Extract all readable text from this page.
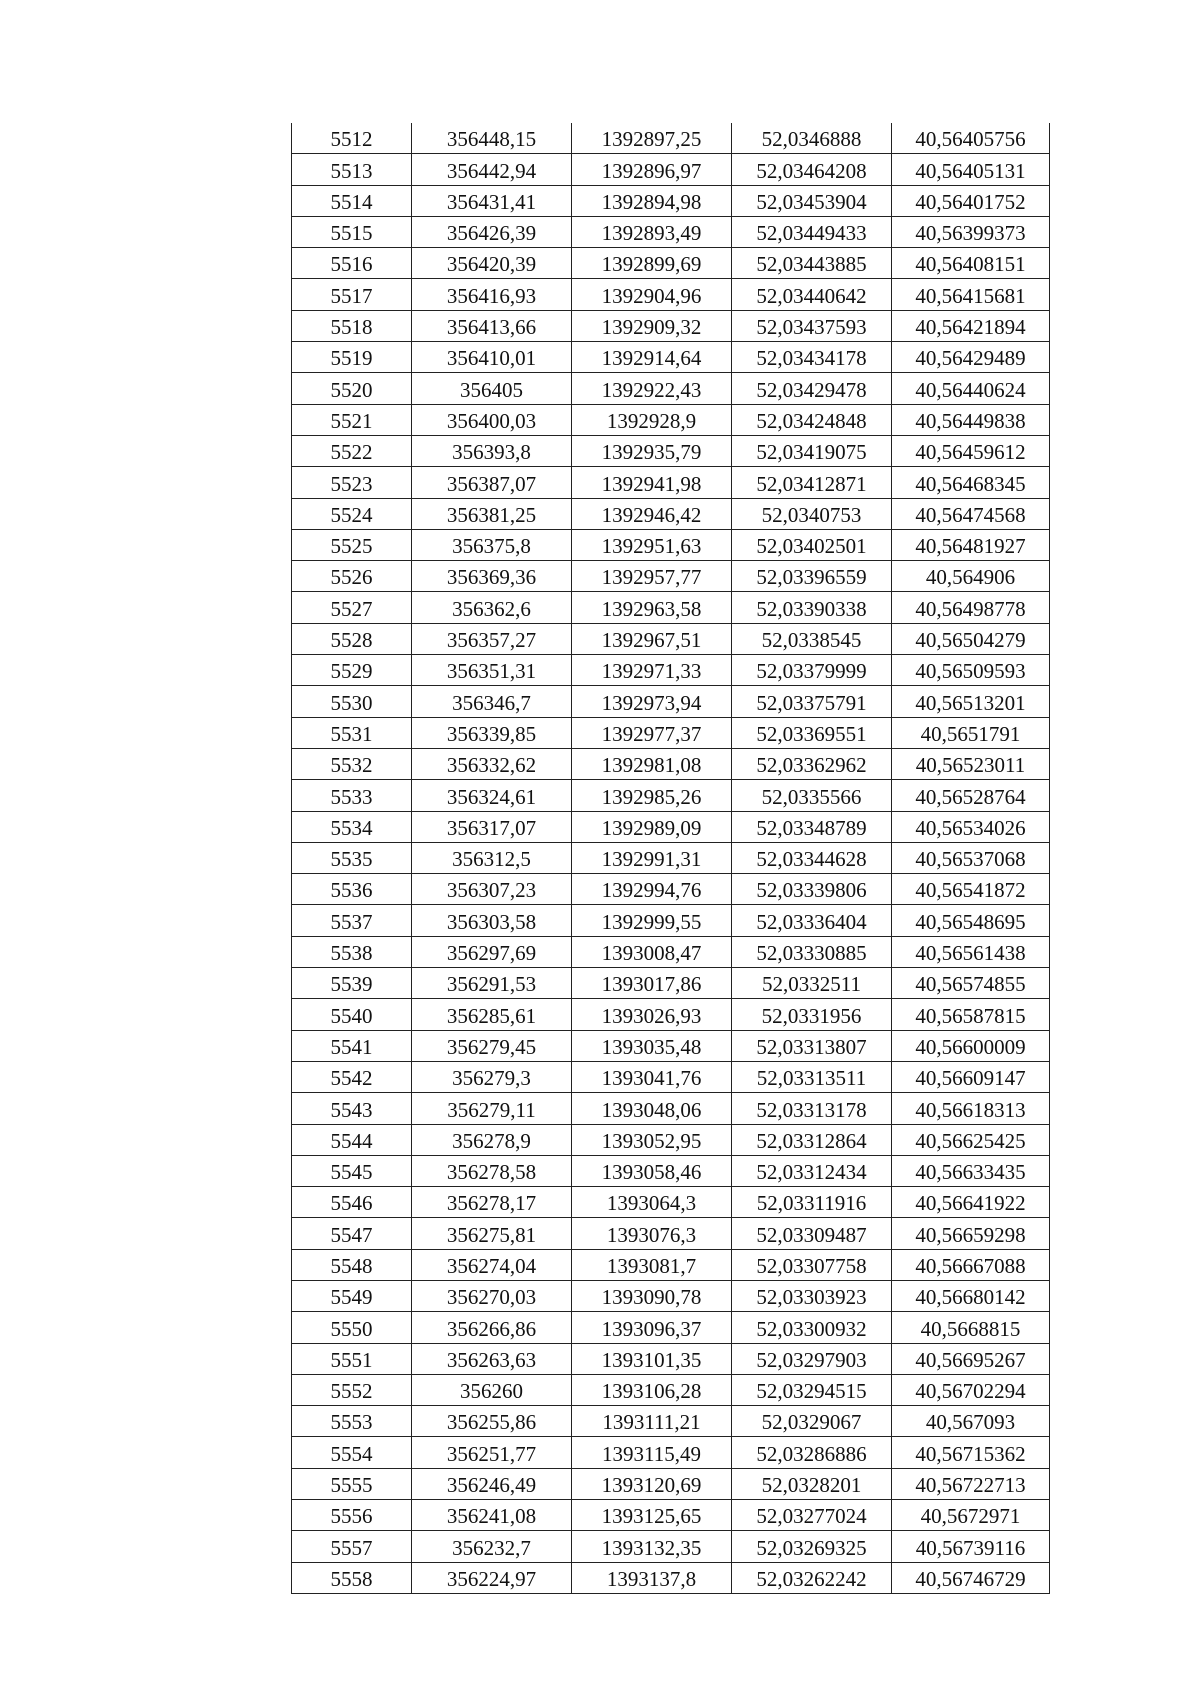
5512	356448,15	1392897,25	52,0346888	40,56405756
5513	356442,94	1392896,97	52,03464208	40,56405131
5514	356431,41	1392894,98	52,03453904	40,56401752
5515	356426,39	1392893,49	52,03449433	40,56399373
5516	356420,39	1392899,69	52,03443885	40,56408151
5517	356416,93	1392904,96	52,03440642	40,56415681
5518	356413,66	1392909,32	52,03437593	40,56421894
5519	356410,01	1392914,64	52,03434178	40,56429489
5520	356405	1392922,43	52,03429478	40,56440624
5521	356400,03	1392928,9	52,03424848	40,56449838
5522	356393,8	1392935,79	52,03419075	40,56459612
5523	356387,07	1392941,98	52,03412871	40,56468345
5524	356381,25	1392946,42	52,0340753	40,56474568
5525	356375,8	1392951,63	52,03402501	40,56481927
5526	356369,36	1392957,77	52,03396559	40,564906
5527	356362,6	1392963,58	52,03390338	40,56498778
5528	356357,27	1392967,51	52,0338545	40,56504279
5529	356351,31	1392971,33	52,03379999	40,56509593
5530	356346,7	1392973,94	52,03375791	40,56513201
5531	356339,85	1392977,37	52,03369551	40,5651791
5532	356332,62	1392981,08	52,03362962	40,56523011
5533	356324,61	1392985,26	52,0335566	40,56528764
5534	356317,07	1392989,09	52,03348789	40,56534026
5535	356312,5	1392991,31	52,03344628	40,56537068
5536	356307,23	1392994,76	52,03339806	40,56541872
5537	356303,58	1392999,55	52,03336404	40,56548695
5538	356297,69	1393008,47	52,03330885	40,56561438
5539	356291,53	1393017,86	52,0332511	40,56574855
5540	356285,61	1393026,93	52,0331956	40,56587815
5541	356279,45	1393035,48	52,03313807	40,56600009
5542	356279,3	1393041,76	52,03313511	40,56609147
5543	356279,11	1393048,06	52,03313178	40,56618313
5544	356278,9	1393052,95	52,03312864	40,56625425
5545	356278,58	1393058,46	52,03312434	40,56633435
5546	356278,17	1393064,3	52,03311916	40,56641922
5547	356275,81	1393076,3	52,03309487	40,56659298
5548	356274,04	1393081,7	52,03307758	40,56667088
5549	356270,03	1393090,78	52,03303923	40,56680142
5550	356266,86	1393096,37	52,03300932	40,5668815
5551	356263,63	1393101,35	52,03297903	40,56695267
5552	356260	1393106,28	52,03294515	40,56702294
5553	356255,86	1393111,21	52,0329067	40,567093
5554	356251,77	1393115,49	52,03286886	40,56715362
5555	356246,49	1393120,69	52,0328201	40,56722713
5556	356241,08	1393125,65	52,03277024	40,5672971
5557	356232,7	1393132,35	52,03269325	40,56739116
5558	356224,97	1393137,8	52,03262242	40,56746729
